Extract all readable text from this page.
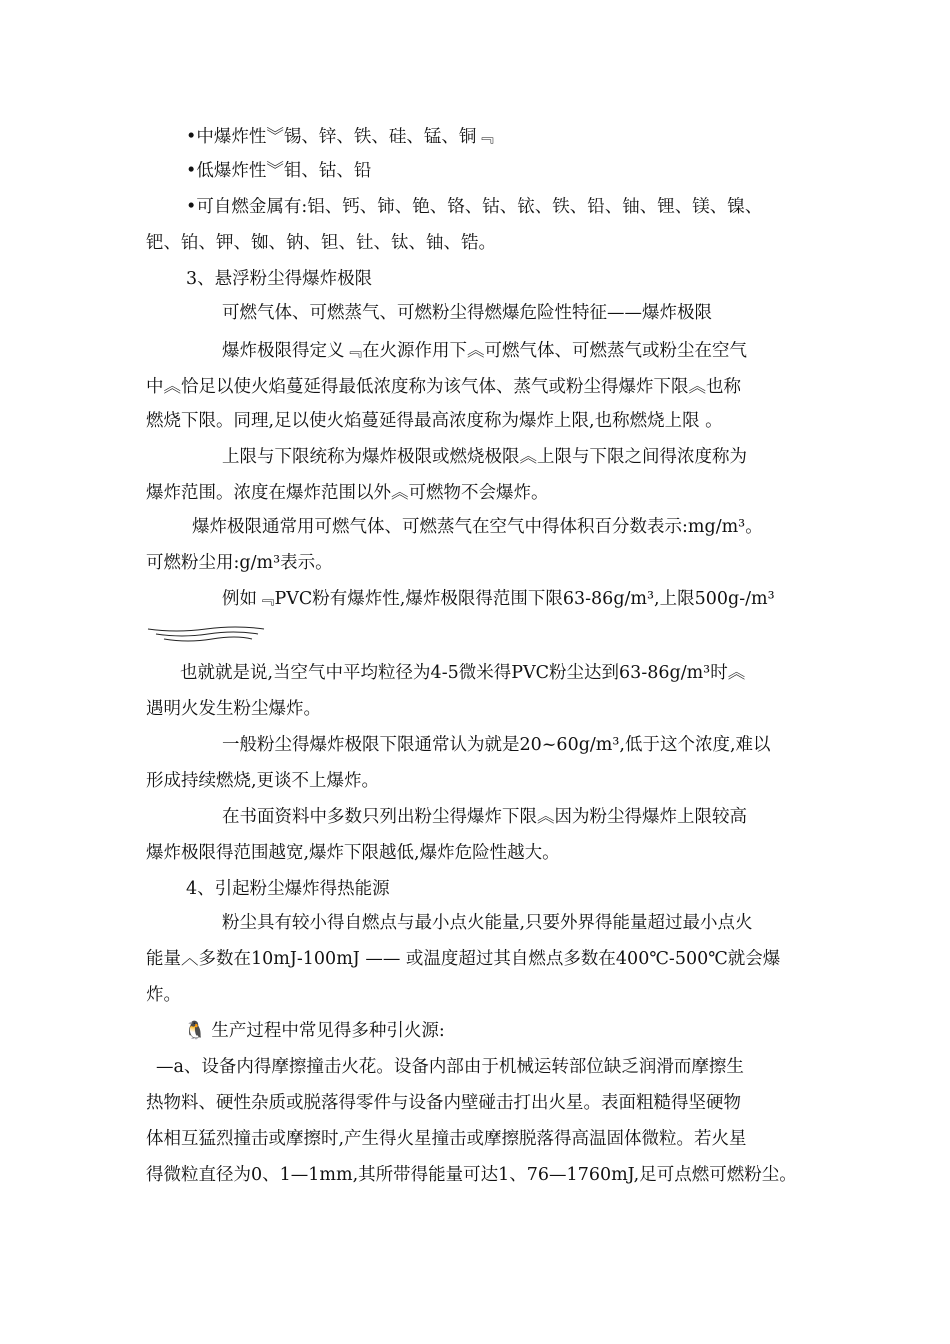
•中爆炸性︾锡、锌、铁、硅、锰、铜﹃
•低爆炸性︾钼、钴、铅
•可自燃金属有:铝、钙、铈、铯、铬、钴、铱、铁、铅、铀、锂、镁、镍、
钯、铂、钾、铷、钠、钽、钍、钛、铀、锆。
3、悬浮粉尘得爆炸极限
可燃气体、可燃蒸气、可燃粉尘得燃爆危险性特征——爆炸极限
爆炸极限得定义﹃在火源作用下︽可燃气体、可燃蒸气或粉尘在空气
中︽恰足以使火焰蔓延得最低浓度称为该气体、蒸气或粉尘得爆炸下限︽也称
燃烧下限。同理,足以使火焰蔓延得最高浓度称为爆炸上限,也称燃烧上限 。
上限与下限统称为爆炸极限或燃烧极限︽上限与下限之间得浓度称为
爆炸范围。浓度在爆炸范围以外︽可燃物不会爆炸。
爆炸极限通常用可燃气体、可燃蒸气在空气中得体积百分数表示:mg/m³。
可燃粉尘用:g/m³表示。
例如﹃PVC粉有爆炸性,爆炸极限得范围下限63-86g/m³,上限500g-/m³
也就就是说,当空气中平均粒径为4-5微米得PVC粉尘达到63-86g/m³时︽
遇明火发生粉尘爆炸。
一般粉尘得爆炸极限下限通常认为就是20~60g/m³,低于这个浓度,难以
形成持续燃烧,更谈不上爆炸。
在书面资料中多数只列出粉尘得爆炸下限︽因为粉尘得爆炸上限较高
爆炸极限得范围越宽,爆炸下限越低,爆炸危险性越大。
4、引起粉尘爆炸得热能源
粉尘具有较小得自燃点与最小点火能量,只要外界得能量超过最小点火
能量︿多数在10mJ-100mJ —— 或温度超过其自燃点多数在400℃-500℃就会爆
炸。
🐧 生产过程中常见得多种引火源:
—a、设备内得摩擦撞击火花。设备内部由于机械运转部位缺乏润滑而摩擦生
热物料、硬性杂质或脱落得零件与设备内壁碰击打出火星。表面粗糙得坚硬物
体相互猛烈撞击或摩擦时,产生得火星撞击或摩擦脱落得高温固体微粒。若火星
得微粒直径为0、1—1mm,其所带得能量可达1、76—1760mJ,足可点燃可燃粉尘。
